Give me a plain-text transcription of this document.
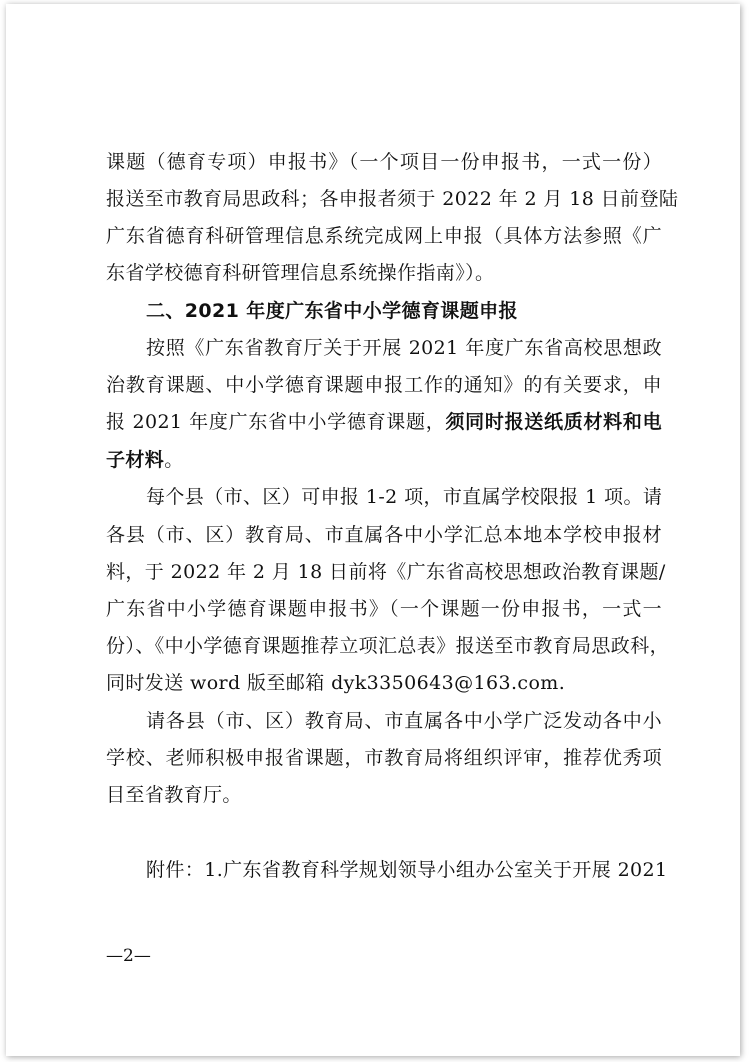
课题（德育专项）申报书》（一个项目一份申报书，一式一份）
报送至市教育局思政科；各申报者须于 2022 年 2 月 18 日前登陆
广东省德育科研管理信息系统完成网上申报（具体方法参照《广
东省学校德育科研管理信息系统操作指南》）。
二、2021 年度广东省中小学德育课题申报
按照《广东省教育厅关于开展 2021 年度广东省高校思想政
治教育课题、中小学德育课题申报工作的通知》的有关要求，申
报 2021 年度广东省中小学德育课题，须同时报送纸质材料和电
子材料。
每个县（市、区）可申报 1-2 项，市直属学校限报 1 项。请
各县（市、区）教育局、市直属各中小学汇总本地本学校申报材
料，于 2022 年 2 月 18 日前将《广东省高校思想政治教育课题/
广东省中小学德育课题申报书》（一个课题一份申报书，一式一
份）、《中小学德育课题推荐立项汇总表》报送至市教育局思政科，
同时发送 word 版至邮箱 dyk3350643@163.com.
请各县（市、区）教育局、市直属各中小学广泛发动各中小
学校、老师积极申报省课题，市教育局将组织评审，推荐优秀项
目至省教育厅。
附件：1.广东省教育科学规划领导小组办公室关于开展 2021
—2—
